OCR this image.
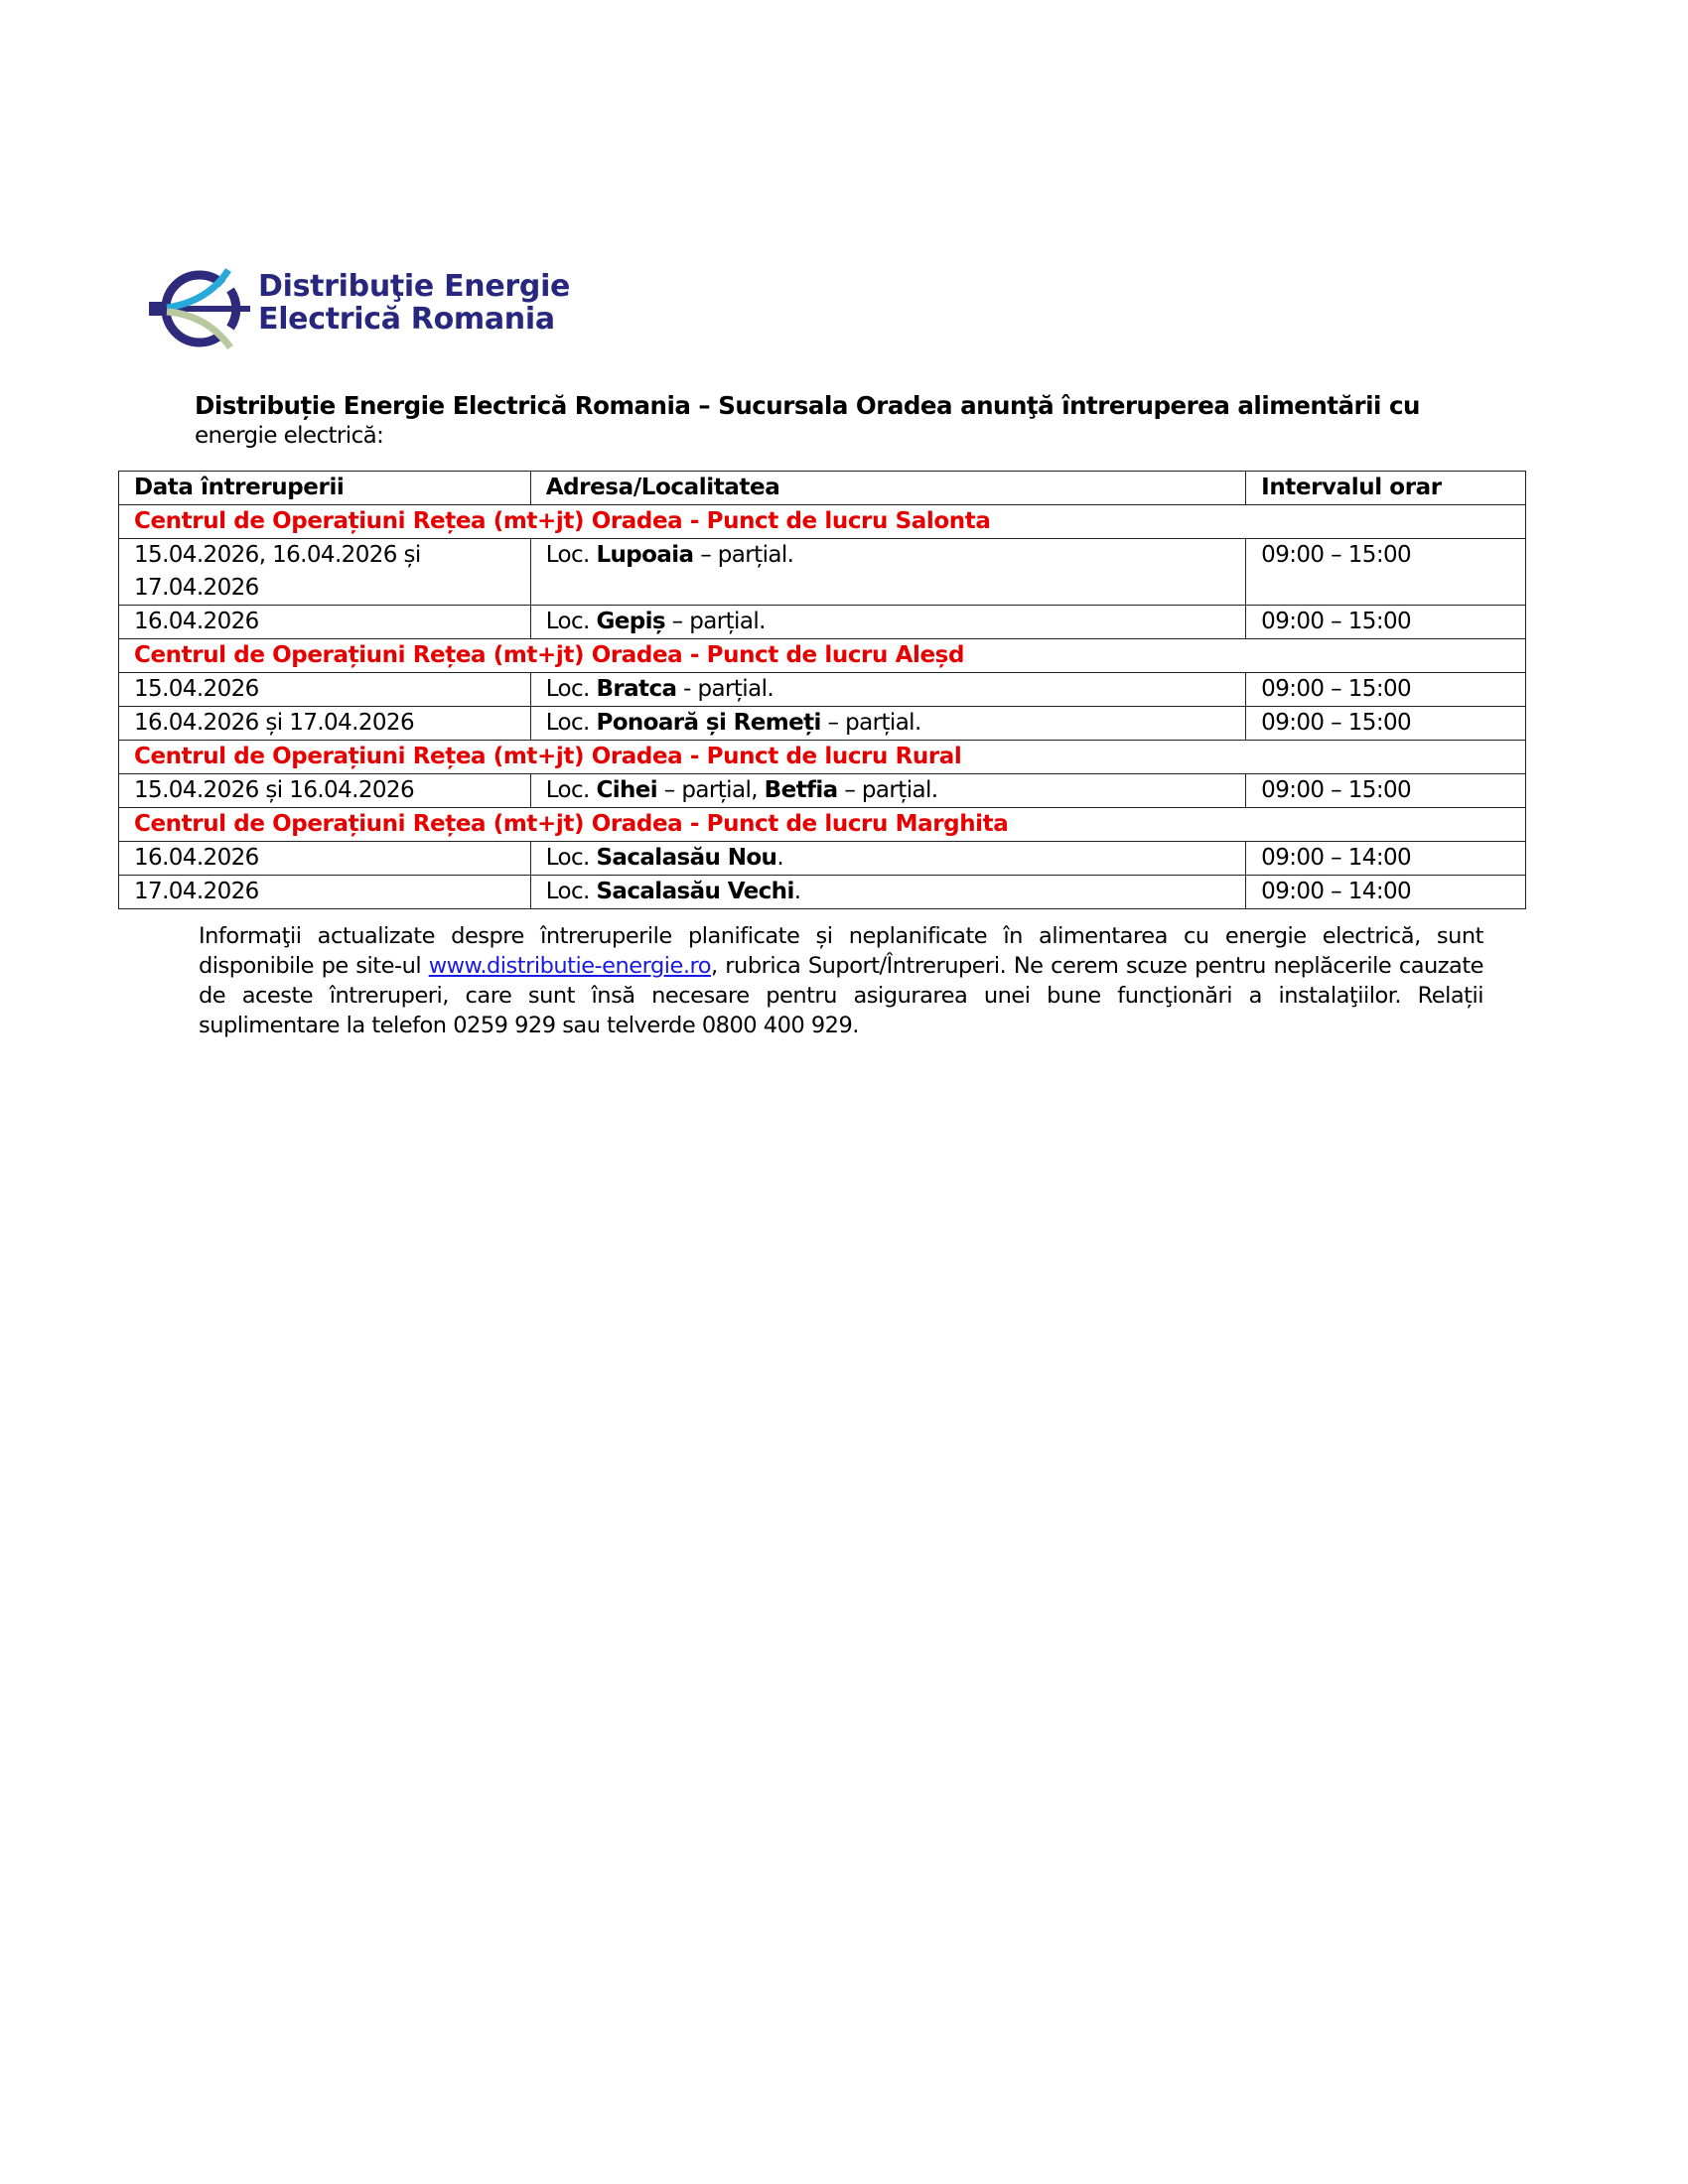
Distribuţie Energie
Electrică Romania
Distribuție Energie Electrică Romania – Sucursala Oradea anunţă întreruperea alimentării cu
energie electrică:
Data întreruperii	Adresa/Localitatea	Intervalul orar
Centrul de Operațiuni Rețea (mt+jt) Oradea - Punct de lucru Salonta		
15.04.2026, 16.04.2026 și 17.04.2026	Loc. Lupoaia – parțial.	09:00 – 15:00
16.04.2026	Loc. Gepiș – parțial.	09:00 – 15:00
Centrul de Operațiuni Rețea (mt+jt) Oradea - Punct de lucru Aleșd		
15.04.2026	Loc. Bratca - parțial.	09:00 – 15:00
16.04.2026 și 17.04.2026	Loc. Ponoară și Remeți – parțial.	09:00 – 15:00
Centrul de Operațiuni Rețea (mt+jt) Oradea - Punct de lucru Rural		
15.04.2026 și 16.04.2026	Loc. Cihei – parțial, Betfia – parțial.	09:00 – 15:00
Centrul de Operațiuni Rețea (mt+jt) Oradea - Punct de lucru Marghita		
16.04.2026	Loc. Sacalasău Nou.	09:00 – 14:00
17.04.2026	Loc. Sacalasău Vechi.	09:00 – 14:00
Informaţii actualizate despre întreruperile planificate și neplanificate în alimentarea cu energie electrică, sunt disponibile pe site-ul www.distributie-energie.ro, rubrica Suport/Întreruperi. Ne cerem scuze pentru neplăcerile cauzate de aceste întreruperi, care sunt însă necesare pentru asigurarea unei bune funcţionări a instalaţiilor. Relații suplimentare la telefon 0259 929 sau telverde 0800 400 929.
